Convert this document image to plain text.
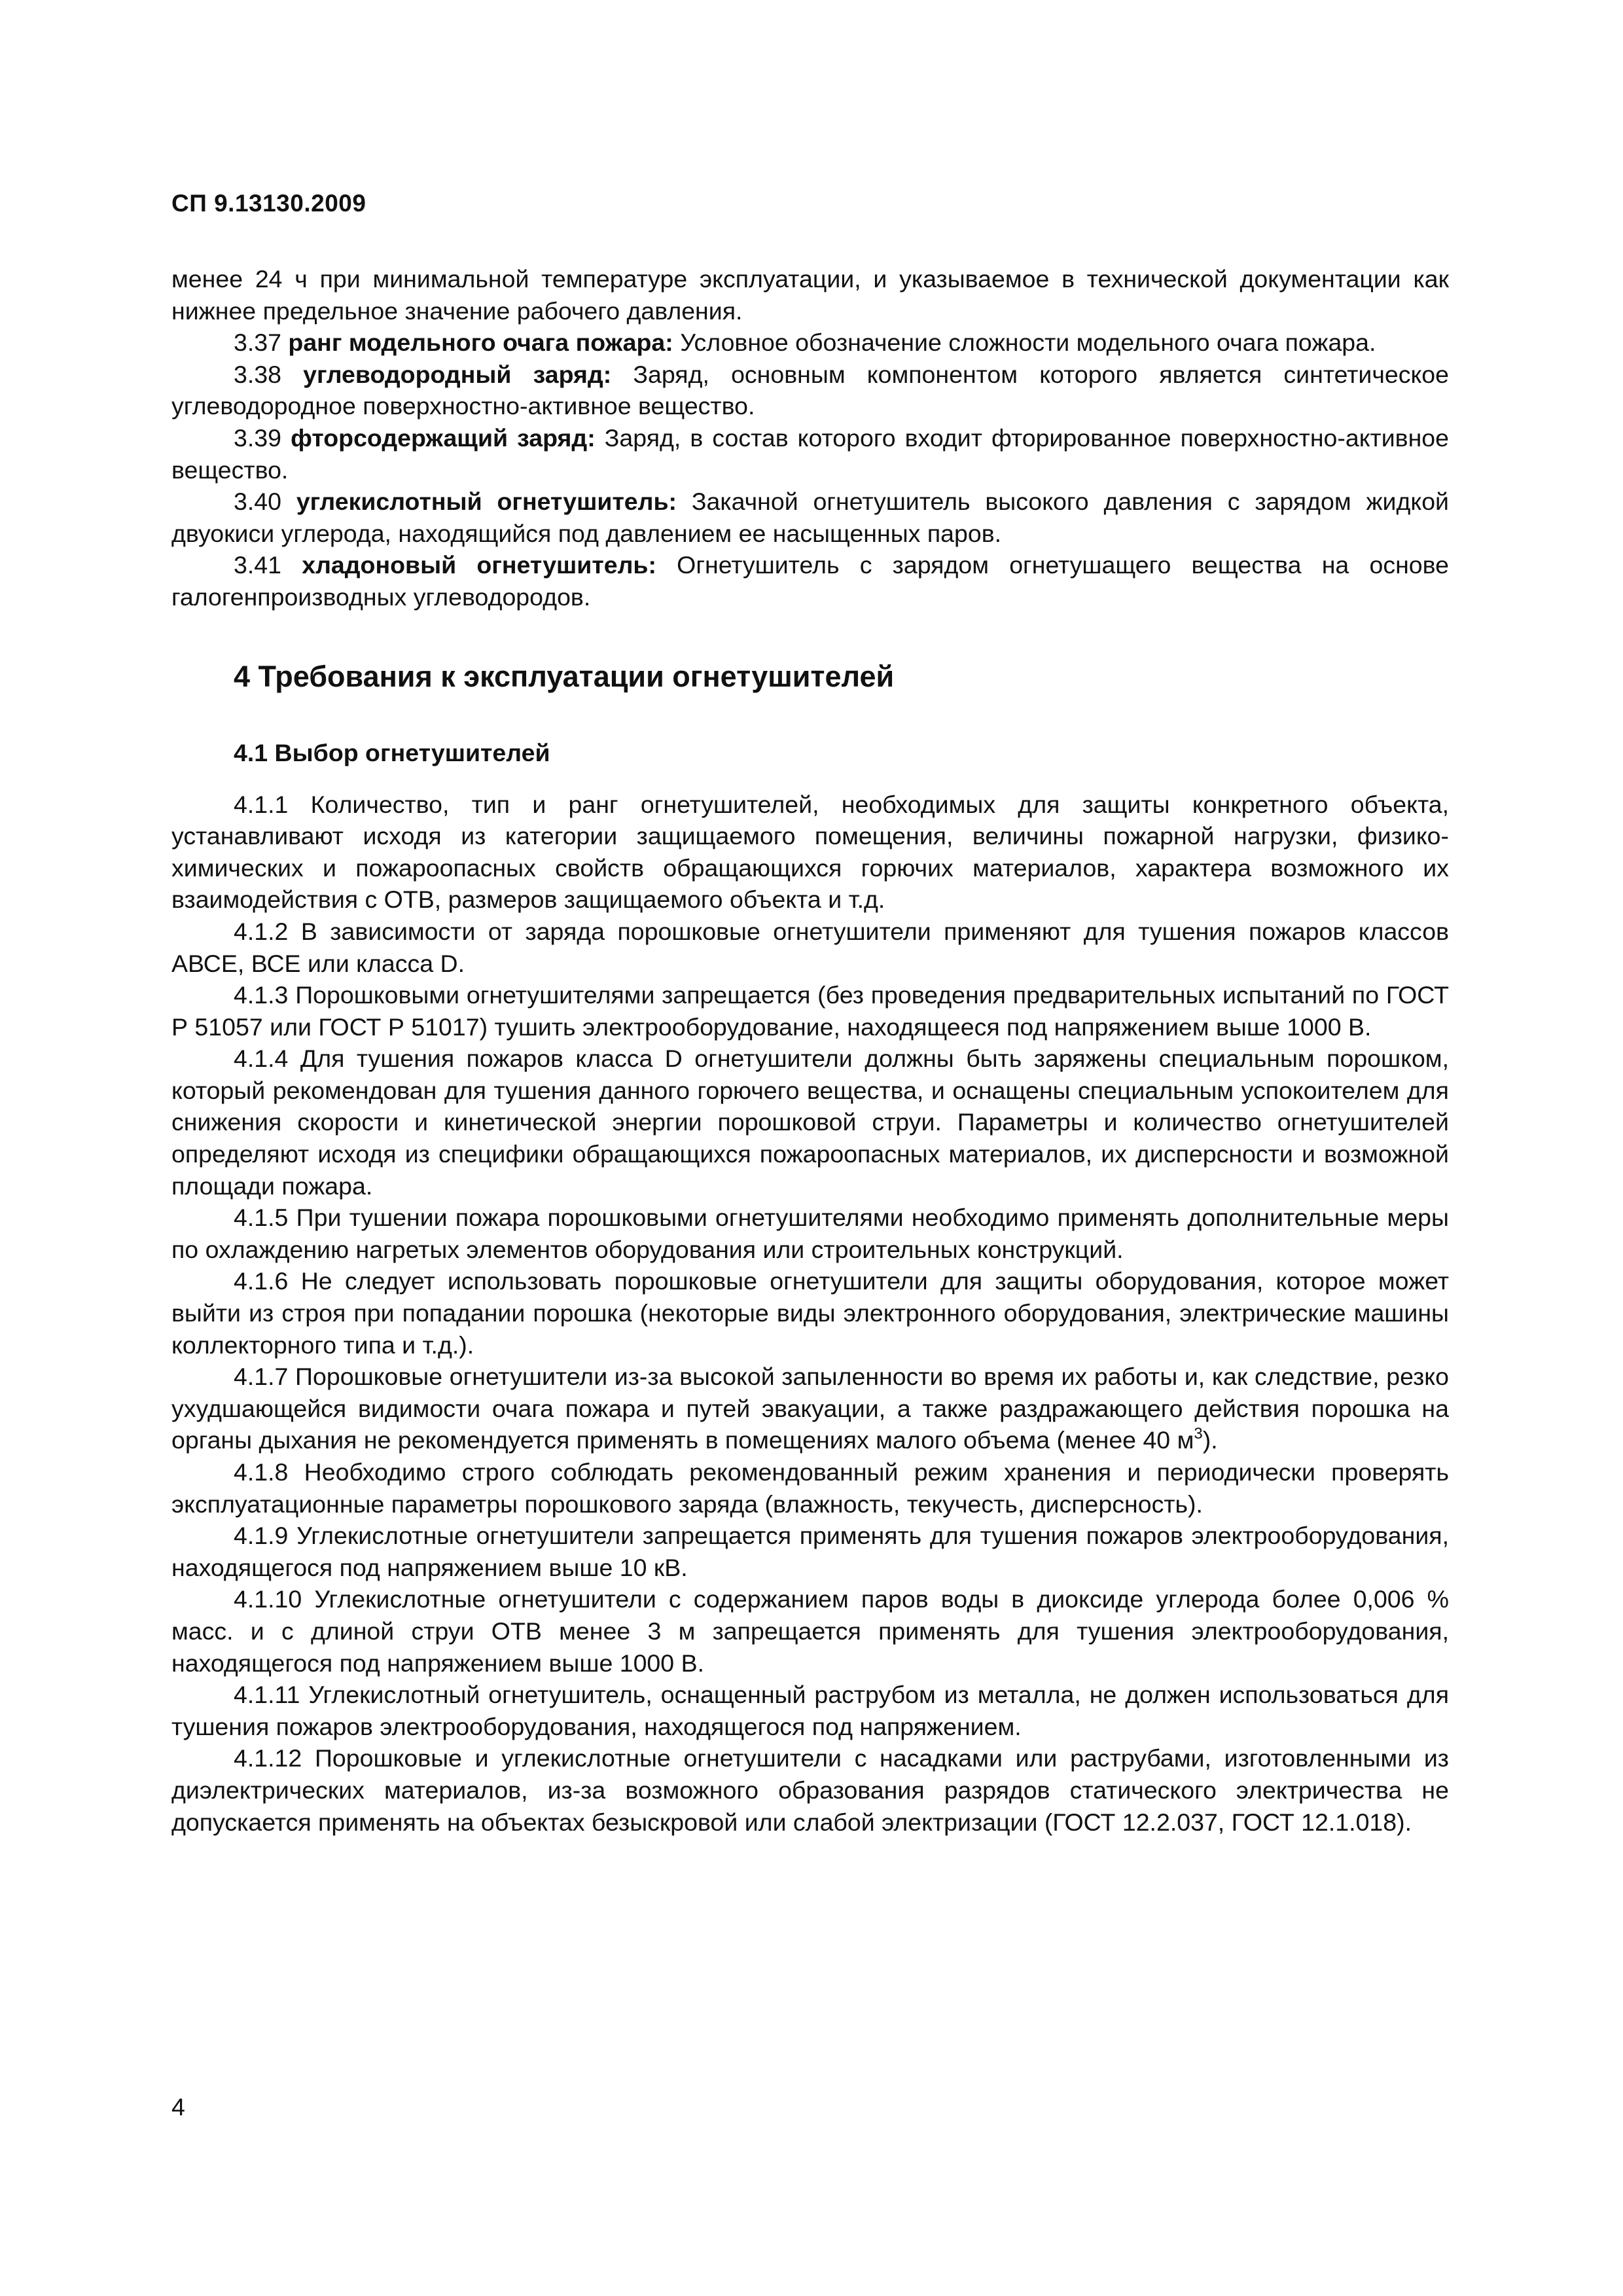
СП 9.13130.2009

менее 24 ч при минимальной температуре эксплуатации, и указываемое в технической документации как нижнее предельное значение рабочего давления.

3.37 ранг модельного очага пожара: Условное обозначение сложности модельного очага пожара.

3.38 углеводородный заряд: Заряд, основным компонентом которого является синтетическое углеводородное поверхностно-активное вещество.

3.39 фторсодержащий заряд: Заряд, в состав которого входит фторированное поверхностно-активное вещество.

3.40 углекислотный огнетушитель: Закачной огнетушитель высокого давления с зарядом жидкой двуокиси углерода, находящийся под давлением ее насыщенных паров.

3.41 хладоновый огнетушитель: Огнетушитель с зарядом огнетушащего вещества на основе галогенпроизводных углеводородов.

4 Требования к эксплуатации огнетушителей
4.1 Выбор огнетушителей

4.1.1 Количество, тип и ранг огнетушителей, необходимых для защиты конкретного объекта, устанавливают исходя из категории защищаемого помещения, величины пожарной нагрузки, физико-химических и пожароопасных свойств обращающихся горючих материалов, характера возможного их взаимодействия с ОТВ, размеров защищаемого объекта и т.д.

4.1.2 В зависимости от заряда порошковые огнетушители применяют для тушения пожаров классов АВСЕ, ВСЕ или класса D.

4.1.3 Порошковыми огнетушителями запрещается (без проведения предварительных испытаний по ГОСТ Р 51057 или ГОСТ Р 51017) тушить электрооборудование, находящееся под напряжением выше 1000 В.

4.1.4 Для тушения пожаров класса D огнетушители должны быть заряжены специальным порошком, который рекомендован для тушения данного горючего вещества, и оснащены специальным успокоителем для снижения скорости и кинетической энергии порошковой струи. Параметры и количество огнетушителей определяют исходя из специфики обращающихся пожароопасных материалов, их дисперсности и возможной площади пожара.

4.1.5 При тушении пожара порошковыми огнетушителями необходимо применять дополнительные меры по охлаждению нагретых элементов оборудования или строительных конструкций.

4.1.6 Не следует использовать порошковые огнетушители для защиты оборудования, которое может выйти из строя при попадании порошка (некоторые виды электронного оборудования, электрические машины коллекторного типа и т.д.).

4.1.7 Порошковые огнетушители из-за высокой запыленности во время их работы и, как следствие, резко ухудшающейся видимости очага пожара и путей эвакуации, а также раздражающего действия порошка на органы дыхания не рекомендуется применять в помещениях малого объема (менее 40 $м^3$).

4.1.8 Необходимо строго соблюдать рекомендованный режим хранения и периодически проверять эксплуатационные параметры порошкового заряда (влажность, текучесть, дисперсность).

4.1.9 Углекислотные огнетушители запрещается применять для тушения пожаров электрооборудования, находящегося под напряжением выше 10 кВ.

4.1.10 Углекислотные огнетушители с содержанием паров воды в диоксиде углерода более 0,006 % масс. и с длиной струи ОТВ менее 3 м запрещается применять для тушения электрооборудования, находящегося под напряжением выше 1000 В.

4.1.11 Углекислотный огнетушитель, оснащенный раструбом из металла, не должен использоваться для тушения пожаров электрооборудования, находящегося под напряжением.

4.1.12 Порошковые и углекислотные огнетушители с насадками или раструбами, изготовленными из диэлектрических материалов, из-за возможного образования разрядов статического электричества не допускается применять на объектах безыскровой или слабой электризации (ГОСТ 12.2.037, ГОСТ 12.1.018).

4
